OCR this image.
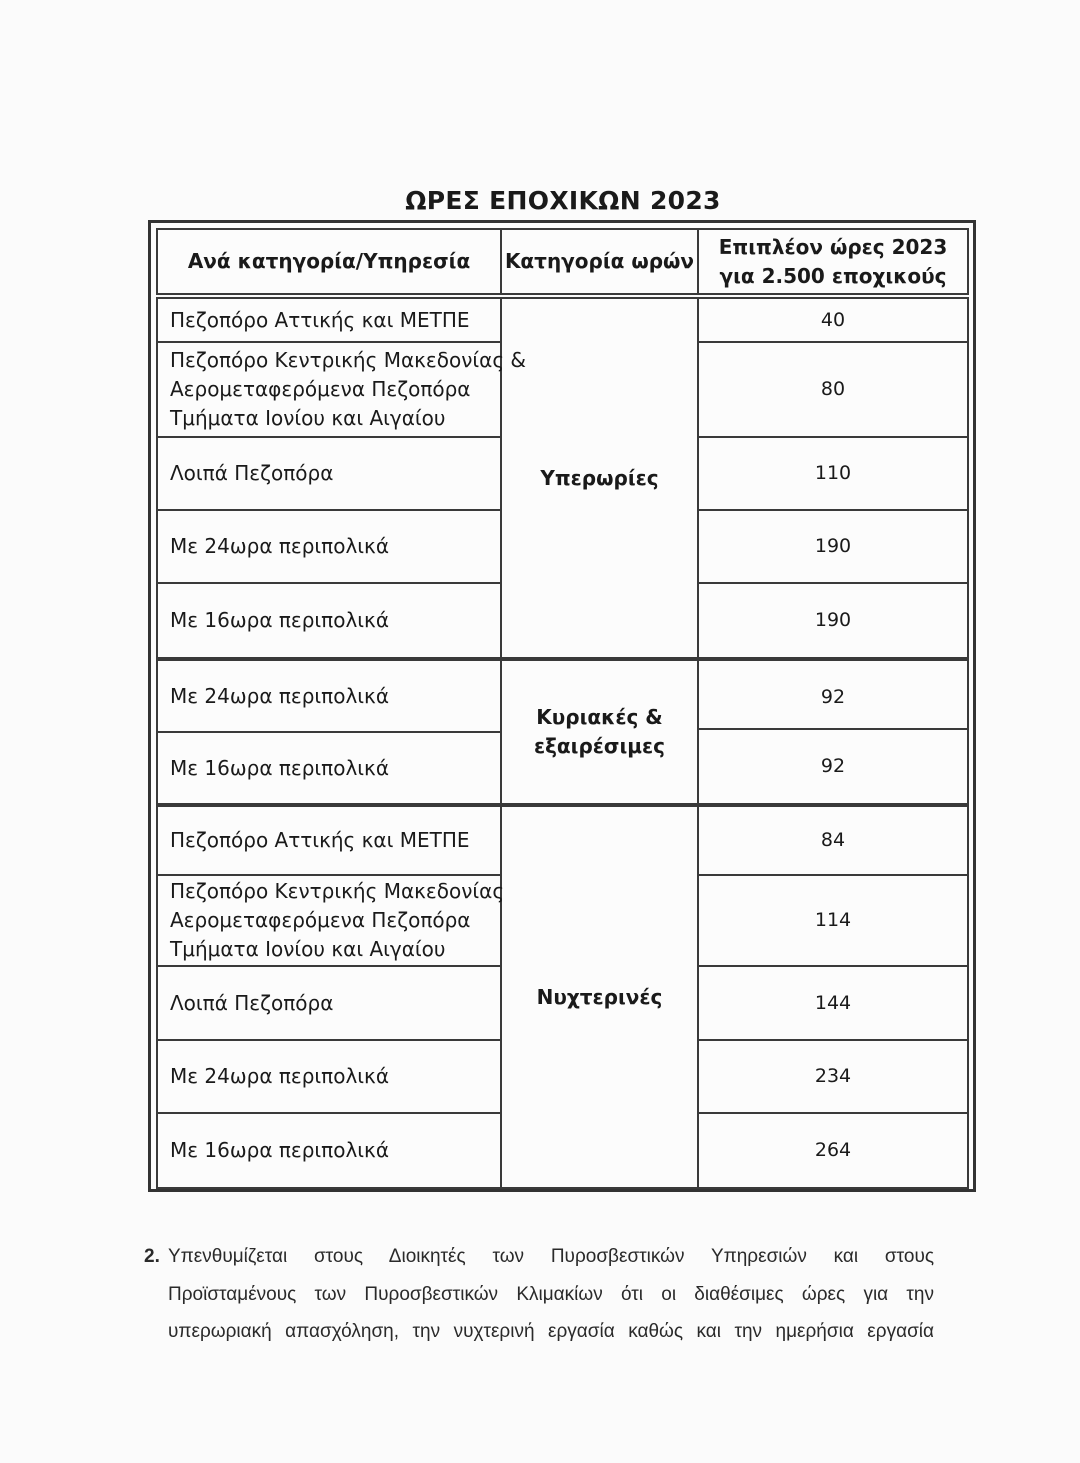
ΩΡΕΣ ΕΠΟΧΙΚΩΝ 2023
Ανά κατηγορία/Υπηρεσία	Κατηγορία ωρών
Επιπλέον ώρες 2023
για 2.500 εποχικούς
Υπερωρίες
Κυριακές &
εξαιρέσιμες
Νυχτερινές
Πεζοπόρο Αττικής και ΜΕΤΠΕ
Πεζοπόρο Κεντρικής Μακεδονίας &
Αερομεταφερόμενα Πεζοπόρα
Τμήματα Ιονίου και Αιγαίου
Λοιπά Πεζοπόρα
Με 24ωρα περιπολικά
Με 16ωρα περιπολικά
Με 24ωρα περιπολικά
Με 16ωρα περιπολικά
Πεζοπόρο Αττικής και ΜΕΤΠΕ
Πεζοπόρο Κεντρικής Μακεδονίας
Αερομεταφερόμενα Πεζοπόρα
Τμήματα Ιονίου και Αιγαίου
Λοιπά Πεζοπόρα
Με 24ωρα περιπολικά
Με 16ωρα περιπολικά
40
80
110
190
190
92
92
84
114
144
234
264
2. Υπενθυμίζεται στους Διοικητές των Πυροσβεστικών Υπηρεσιών και στους
Προϊσταμένους των Πυροσβεστικών Κλιμακίων ότι οι διαθέσιμες ώρες για την
υπερωριακή απασχόληση, την νυχτερινή εργασία καθώς και την ημερήσια εργασία
